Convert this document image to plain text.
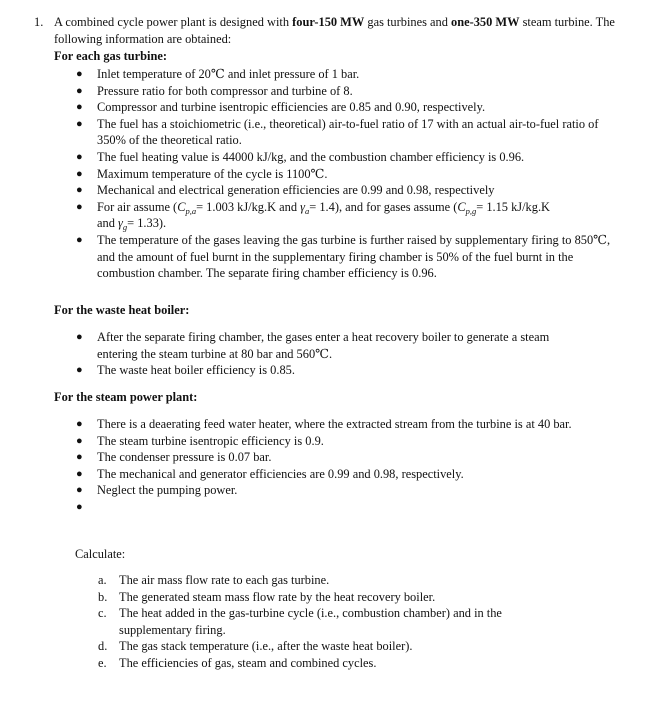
1. A combined cycle power plant is designed with four-150 MW gas turbines and one-350 MW steam turbine. The following information are obtained:
For each gas turbine:
● Inlet temperature of 20℃ and inlet pressure of 1 bar.
● Pressure ratio for both compressor and turbine of 8.
● Compressor and turbine isentropic efficiencies are 0.85 and 0.90, respectively.
● The fuel has a stoichiometric (i.e., theoretical) air-to-fuel ratio of 17 with an actual air-to-fuel ratio of 350% of the theoretical ratio.
● The fuel heating value is 44000 kJ/kg, and the combustion chamber efficiency is 0.96.
● Maximum temperature of the cycle is 1100℃.
● Mechanical and electrical generation efficiencies are 0.99 and 0.98, respectively
● For air assume ($C_{p,a}= 1.003$ kJ/kg.K and $\gamma_a= 1.4$), and for gases assume ($C_{p,g}= 1.15$ kJ/kg.K
and $\gamma_g= 1.33$).
● The temperature of the gases leaving the gas turbine is further raised by supplementary firing to 850℃, and the amount of fuel burnt in the supplementary firing chamber is 50% of the fuel burnt in the combustion chamber. The separate firing chamber efficiency is 0.96.
For the waste heat boiler:
● After the separate firing chamber, the gases enter a heat recovery boiler to generate a steam entering the steam turbine at 80 bar and 560℃.
● The waste heat boiler efficiency is 0.85.
For the steam power plant:
● There is a deaerating feed water heater, where the extracted stream from the turbine is at 40 bar.
● The steam turbine isentropic efficiency is 0.9.
● The condenser pressure is 0.07 bar.
● The mechanical and generator efficiencies are 0.99 and 0.98, respectively.
● Neglect the pumping power.
●
Calculate:
a. The air mass flow rate to each gas turbine.
b. The generated steam mass flow rate by the heat recovery boiler.
c. The heat added in the gas-turbine cycle (i.e., combustion chamber) and in the supplementary firing.
d. The gas stack temperature (i.e., after the waste heat boiler).
e. The efficiencies of gas, steam and combined cycles.
